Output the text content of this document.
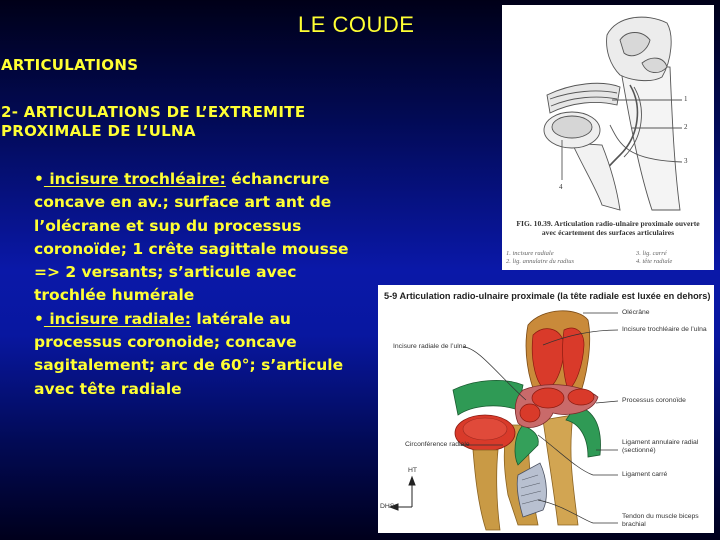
LE COUDE
ARTICULATIONS
2- ARTICULATIONS DE L’EXTREMITE
PROXIMALE DE L’ULNA
• incisure trochléaire: échancrure concave en av.; surface art ant de l’olécrane et sup du processus coronoïde; 1 crête sagittale mousse => 2 versants; s’articule avec trochlée humérale
• incisure radiale: latérale au processus coronoide; concave sagitalement; arc de 60°; s’articule avec tête radiale
1
2
3
4
FIG. 10.39. Articulation radio-ulnaire proximale ouverte
avec écartement des surfaces articulaires
1. incisure radiale
2. lig. annulaire du radius
3. lig. carré
4. tête radiale
5-9 Articulation radio-ulnaire proximale (la tête radiale est luxée en dehors)
Olécrâne
Incisure trochléaire de l’ulna
Incisure radiale de l’ulna
Processus coronoïde
Circonférence radiale	Ligament annulaire radial
(sectionné)
Ligament carré
Tendon du muscle biceps
brachial
HT
DHS
